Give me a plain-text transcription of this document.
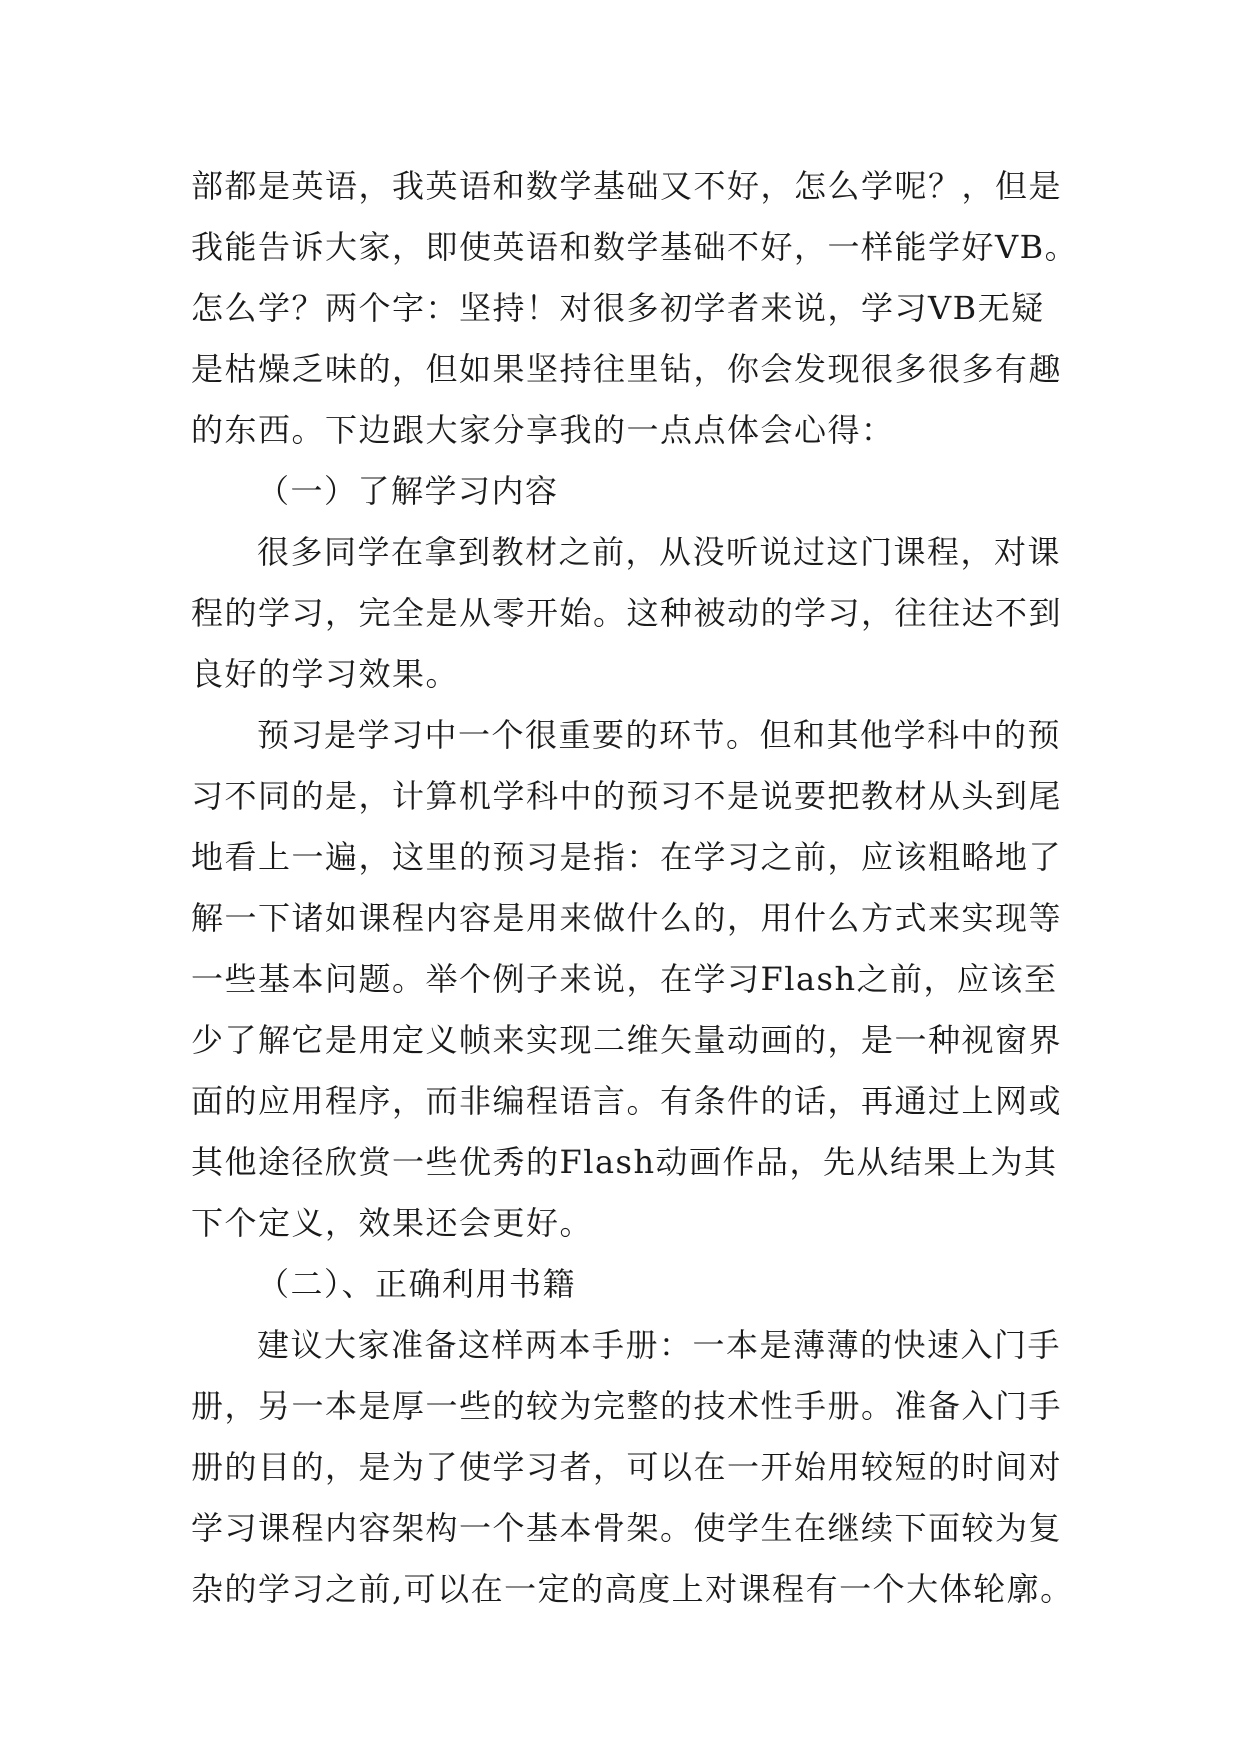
部都是英语，我英语和数学基础又不好，怎么学呢？，但是
我能告诉大家，即使英语和数学基础不好，一样能学好VB。
怎么学？两个字：坚持！对很多初学者来说，学习VB无疑
是枯燥乏味的，但如果坚持往里钻，你会发现很多很多有趣
的东西。下边跟大家分享我的一点点体会心得：
（一）了解学习内容
很多同学在拿到教材之前，从没听说过这门课程，对课
程的学习，完全是从零开始。这种被动的学习，往往达不到
良好的学习效果。
预习是学习中一个很重要的环节。但和其他学科中的预
习不同的是，计算机学科中的预习不是说要把教材从头到尾
地看上一遍，这里的预习是指：在学习之前，应该粗略地了
解一下诸如课程内容是用来做什么的，用什么方式来实现等
一些基本问题。举个例子来说，在学习Flash之前，应该至
少了解它是用定义帧来实现二维矢量动画的，是一种视窗界
面的应用程序，而非编程语言。有条件的话，再通过上网或
其他途径欣赏一些优秀的Flash动画作品，先从结果上为其
下个定义，效果还会更好。
（二）、正确利用书籍
建议大家准备这样两本手册：一本是薄薄的快速入门手
册，另一本是厚一些的较为完整的技术性手册。准备入门手
册的目的，是为了使学习者，可以在一开始用较短的时间对
学习课程内容架构一个基本骨架。使学生在继续下面较为复
杂的学习之前,可以在一定的高度上对课程有一个大体轮廓。
